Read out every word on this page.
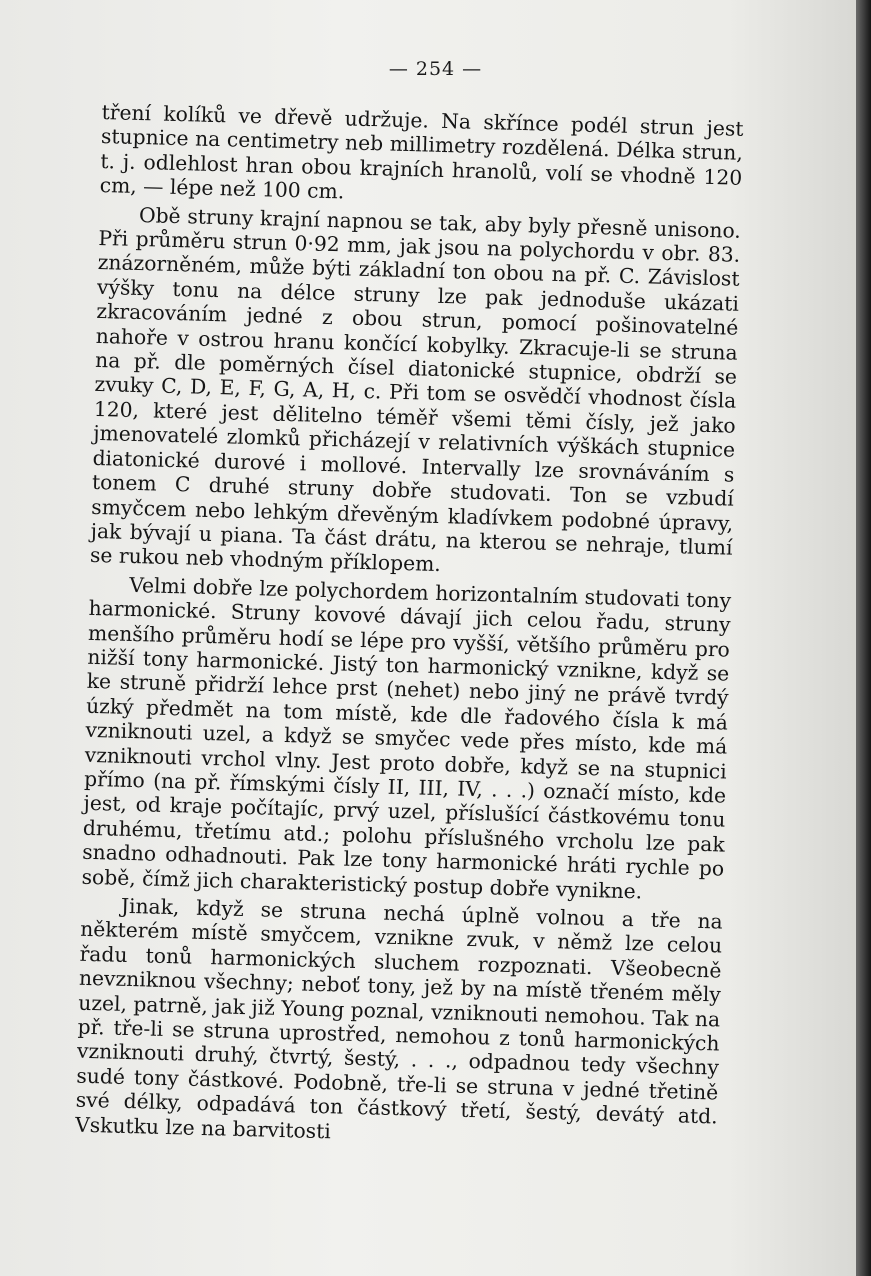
— 254 —

tření kolíků ve dřevě udržuje. Na skřínce podél strun jest stupnice na centimetry neb millimetry rozdělená. Délka strun, t. j. odlehlost hran obou krajních hranolů, volí se vhodně 120 cm, — lépe než 100 cm.

Obě struny krajní napnou se tak, aby byly přesně unisono. Při průměru strun 0·92 mm, jak jsou na polychordu v obr. 83. znázorněném, může býti základní ton obou na př. C. Závislost výšky tonu na délce struny lze pak jednoduše ukázati zkracováním jedné z obou strun, pomocí pošinovatelné nahoře v ostrou hranu končící kobylky. Zkracuje-li se struna na př. dle poměrných čísel diatonické stupnice, obdrží se zvuky C, D, E, F, G, A, H, c. Při tom se osvědčí vhodnost čísla 120, které jest dělitelno téměř všemi těmi čísly, jež jako jmenovatelé zlomků přicházejí v relativních výškách stupnice diatonické durové i mollové. Intervally lze srovnáváním s tonem C druhé struny dobře studovati. Ton se vzbudí smyčcem nebo lehkým dřevěným kladívkem podobné úpravy, jak bývají u piana. Ta část drátu, na kterou se nehraje, tlumí se rukou neb vhodným příklopem.

Velmi dobře lze polychordem horizontalním studovati tony harmonické. Struny kovové dávají jich celou řadu, struny menšího průměru hodí se lépe pro vyšší, většího průměru pro nižší tony harmonické. Jistý ton harmonický vznikne, když se ke struně přidrží lehce prst (nehet) nebo jiný ne právě tvrdý úzký předmět na tom místě, kde dle řadového čísla k má vzniknouti uzel, a když se smyčec vede přes místo, kde má vzniknouti vrchol vlny. Jest proto dobře, když se na stupnici přímo (na př. římskými čísly II, III, IV, . . .) označí místo, kde jest, od kraje počítajíc, prvý uzel, příslušící částkovému tonu druhému, třetímu atd.; polohu příslušného vrcholu lze pak snadno odhadnouti. Pak lze tony harmonické hráti rychle po sobě, čímž jich charakteristický postup dobře vynikne.

Jinak, když se struna nechá úplně volnou a tře na některém místě smyčcem, vznikne zvuk, v němž lze celou řadu tonů harmonických sluchem rozpoznati. Všeobecně nevzniknou všechny; neboť tony, jež by na místě třeném měly uzel, patrně, jak již Young poznal, vzniknouti nemohou. Tak na př. tře-li se struna uprostřed, nemohou z tonů harmonických vzniknouti druhý, čtvrtý, šestý, . . ., odpadnou tedy všechny sudé tony částkové. Podobně, tře-li se struna v jedné třetině své délky, odpadává ton částkový třetí, šestý, devátý atd. Vskutku lze na barvitosti
